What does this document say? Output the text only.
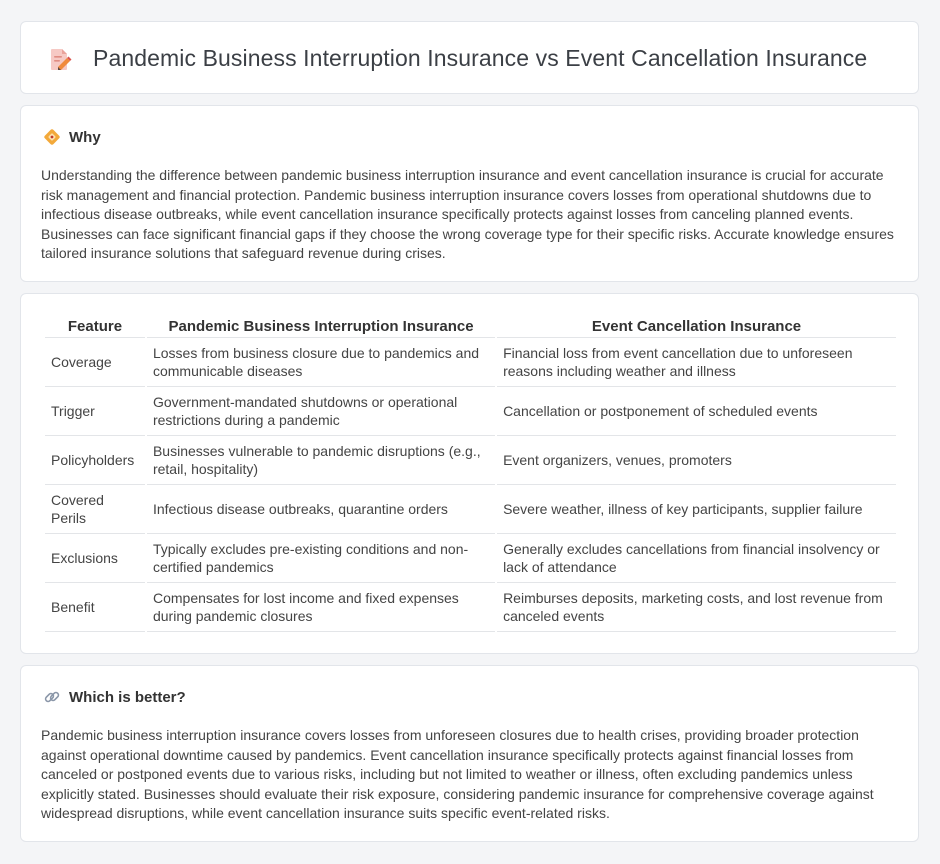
Pandemic Business Interruption Insurance vs Event Cancellation Insurance
Why

Understanding the difference between pandemic business interruption insurance and event cancellation insurance is crucial for accurate risk management and financial protection. Pandemic business interruption insurance covers losses from operational shutdowns due to infectious disease outbreaks, while event cancellation insurance specifically protects against losses from canceling planned events. Businesses can face significant financial gaps if they choose the wrong coverage type for their specific risks. Accurate knowledge ensures tailored insurance solutions that safeguard revenue during crises.

Feature	Pandemic Business Interruption Insurance	Event Cancellation Insurance
Coverage	Losses from business closure due to pandemics and communicable diseases	Financial loss from event cancellation due to unforeseen reasons including weather and illness
Trigger	Government-mandated shutdowns or operational restrictions during a pandemic	Cancellation or postponement of scheduled events
Policyholders	Businesses vulnerable to pandemic disruptions (e.g., retail, hospitality)	Event organizers, venues, promoters
Covered Perils	Infectious disease outbreaks, quarantine orders	Severe weather, illness of key participants, supplier failure
Exclusions	Typically excludes pre-existing conditions and non-certified pandemics	Generally excludes cancellations from financial insolvency or lack of attendance
Benefit	Compensates for lost income and fixed expenses during pandemic closures	Reimburses deposits, marketing costs, and lost revenue from canceled events
Which is better?

Pandemic business interruption insurance covers losses from unforeseen closures due to health crises, providing broader protection against operational downtime caused by pandemics. Event cancellation insurance specifically protects against financial losses from canceled or postponed events due to various risks, including but not limited to weather or illness, often excluding pandemics unless explicitly stated. Businesses should evaluate their risk exposure, considering pandemic insurance for comprehensive coverage against widespread disruptions, while event cancellation insurance suits specific event-related risks.
